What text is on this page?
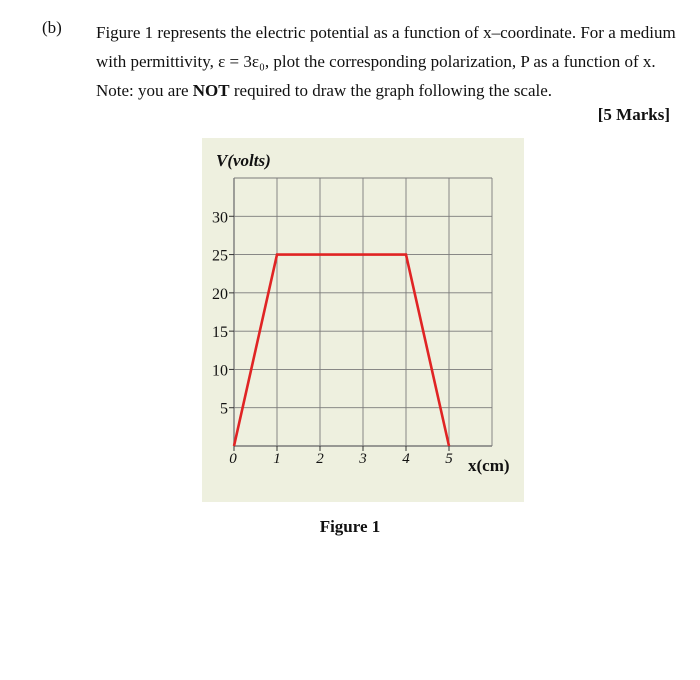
(b) Figure 1 represents the electric potential as a function of x–coordinate. For a medium

with permittivity, ε = 3ε₀, plot the corresponding polarization, P as a function of x.

Note: you are NOT required to draw the graph following the scale.

[5 Marks]
5
10
15
20
25
30
0 1 2 3 4 5
V(volts)
x(cm)
Figure 1
